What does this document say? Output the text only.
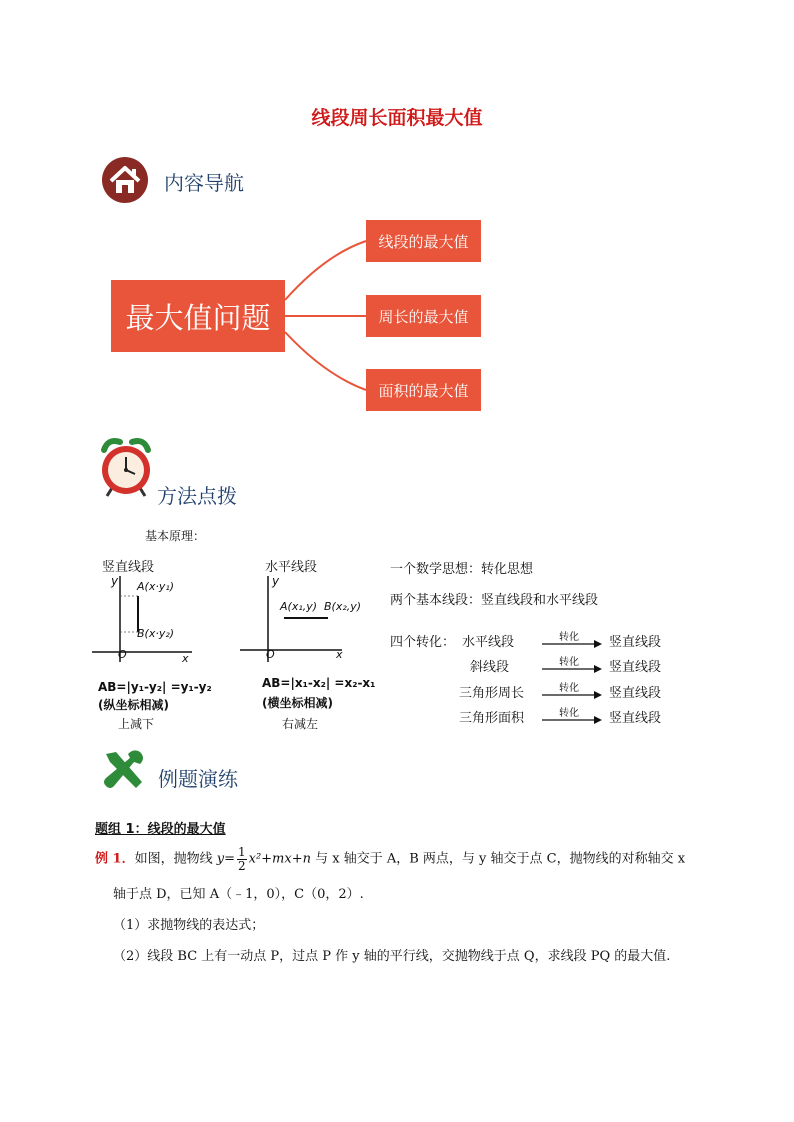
线段周长面积最大值
内容导航
最大值问题
线段的最大值
周长的最大值
面积的最大值
方法点拨
基本原理：
竖直线段
y A(x·y₁)
B(x·y₂)
O	x
AB=|y₁-y₂| =y₁-y₂
(纵坐标相减)
上减下
水平线段
y
A(x₁,y) B(x₂,y)
O	x
AB=|x₁-x₂| =x₂-x₁
(横坐标相减)
右减左
一个数学思想：转化思想
两个基本线段：竖直线段和水平线段
四个转化： 水平线段
斜线段
三角形周长
三角形面积
转化
转化
转化
转化
竖直线段
竖直线段
竖直线段
竖直线段
例题演练
题组 1：线段的最大值
例 1．如图，抛物线 $y= \frac{1}{2} x^2+mx+n$ 与 x 轴交于 A，B 两点，与 y 轴交于点 C，抛物线的对称轴交 x
轴于点 D，已知 A（﹣1，0），C（0，2）.
（1）求抛物线的表达式；
（2）线段 BC 上有一动点 P，过点 P 作 y 轴的平行线，交抛物线于点 Q，求线段 PQ 的最大值.
